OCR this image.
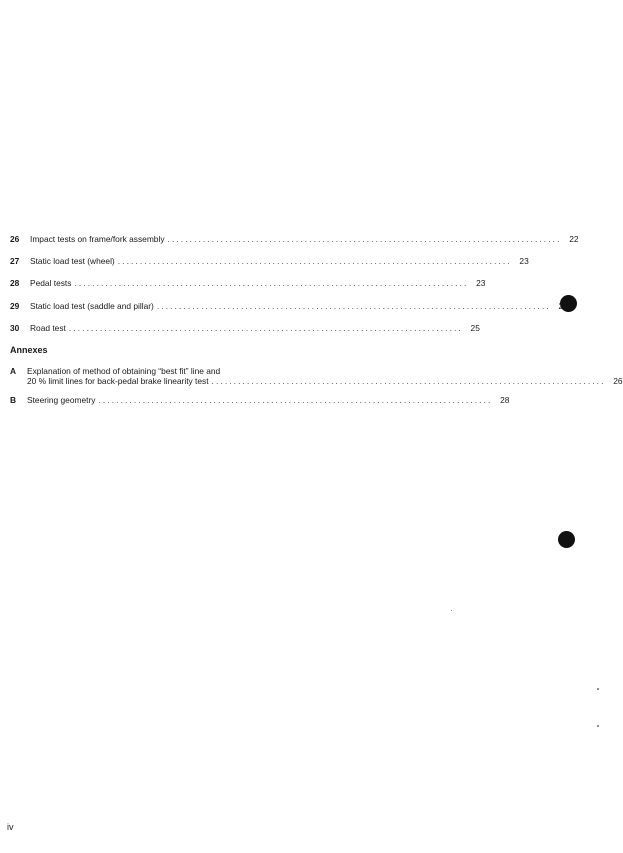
26	Impact tests on frame/fork assembly ......................................................................................... 22
27	Static load test (wheel) ......................................................................................... 23
28	Pedal tests ......................................................................................... 23
29	Static load test (saddle and pillar) .........................................................................................
30	Road test ......................................................................................... 25
Annexes
A	Explanation of method of obtaining “best fit” line and
20 % limit lines for back-pedal brake linearity test ......................................................................................... 26
B	Steering geometry ......................................................................................... 28
iv
